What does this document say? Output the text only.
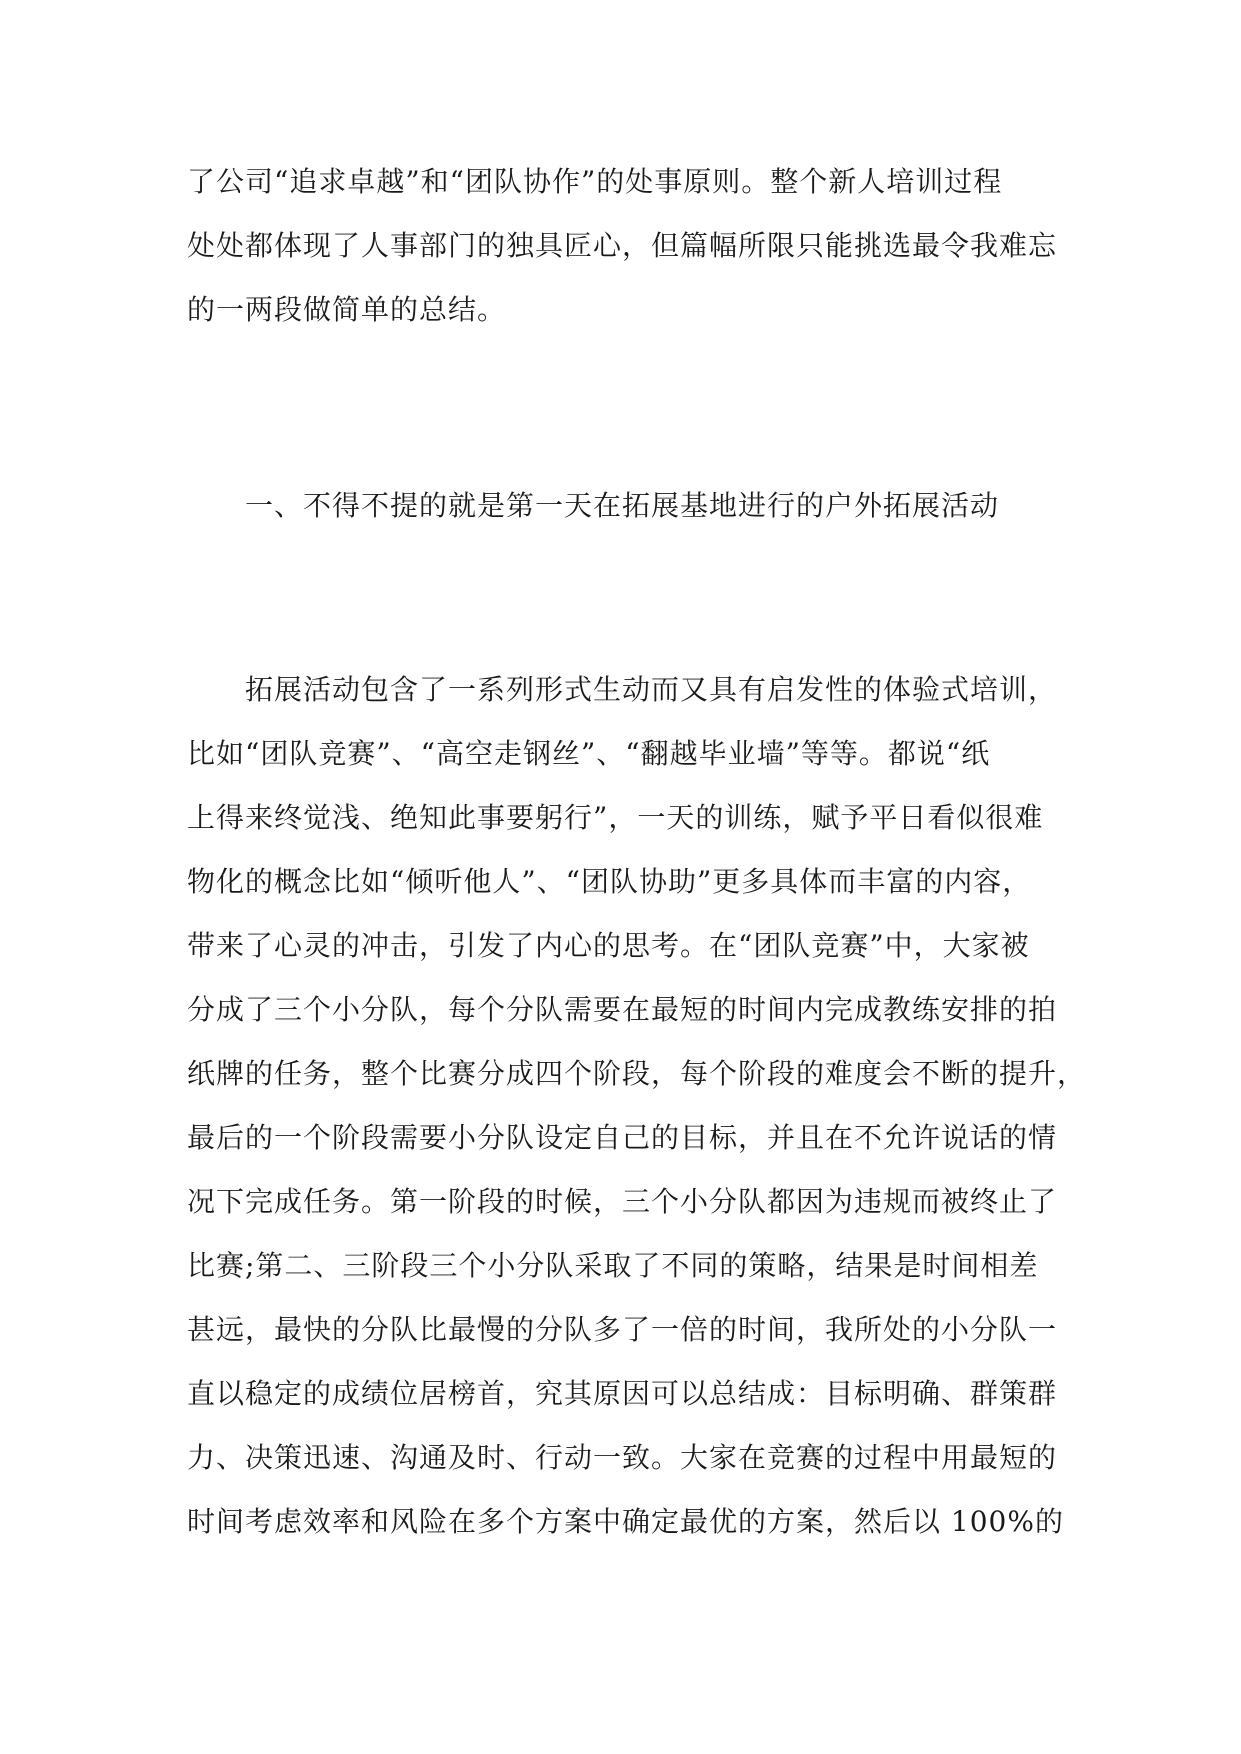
了公司“追求卓越”和“团队协作”的处事原则。整个新人培训过程
处处都体现了人事部门的独具匠心，但篇幅所限只能挑选最令我难忘
的一两段做简单的总结。
一、不得不提的就是第一天在拓展基地进行的户外拓展活动
拓展活动包含了一系列形式生动而又具有启发性的体验式培训，
比如“团队竞赛”、“高空走钢丝”、“翻越毕业墙”等等。都说“纸
上得来终觉浅、绝知此事要躬行”，一天的训练，赋予平日看似很难
物化的概念比如“倾听他人”、“团队协助”更多具体而丰富的内容，
带来了心灵的冲击，引发了内心的思考。在“团队竞赛”中，大家被
分成了三个小分队，每个分队需要在最短的时间内完成教练安排的拍
纸牌的任务，整个比赛分成四个阶段，每个阶段的难度会不断的提升，
最后的一个阶段需要小分队设定自己的目标，并且在不允许说话的情
况下完成任务。第一阶段的时候，三个小分队都因为违规而被终止了
比赛;第二、三阶段三个小分队采取了不同的策略，结果是时间相差
甚远，最快的分队比最慢的分队多了一倍的时间，我所处的小分队一
直以稳定的成绩位居榜首，究其原因可以总结成：目标明确、群策群
力、决策迅速、沟通及时、行动一致。大家在竞赛的过程中用最短的
时间考虑效率和风险在多个方案中确定最优的方案，然后以 100%的
